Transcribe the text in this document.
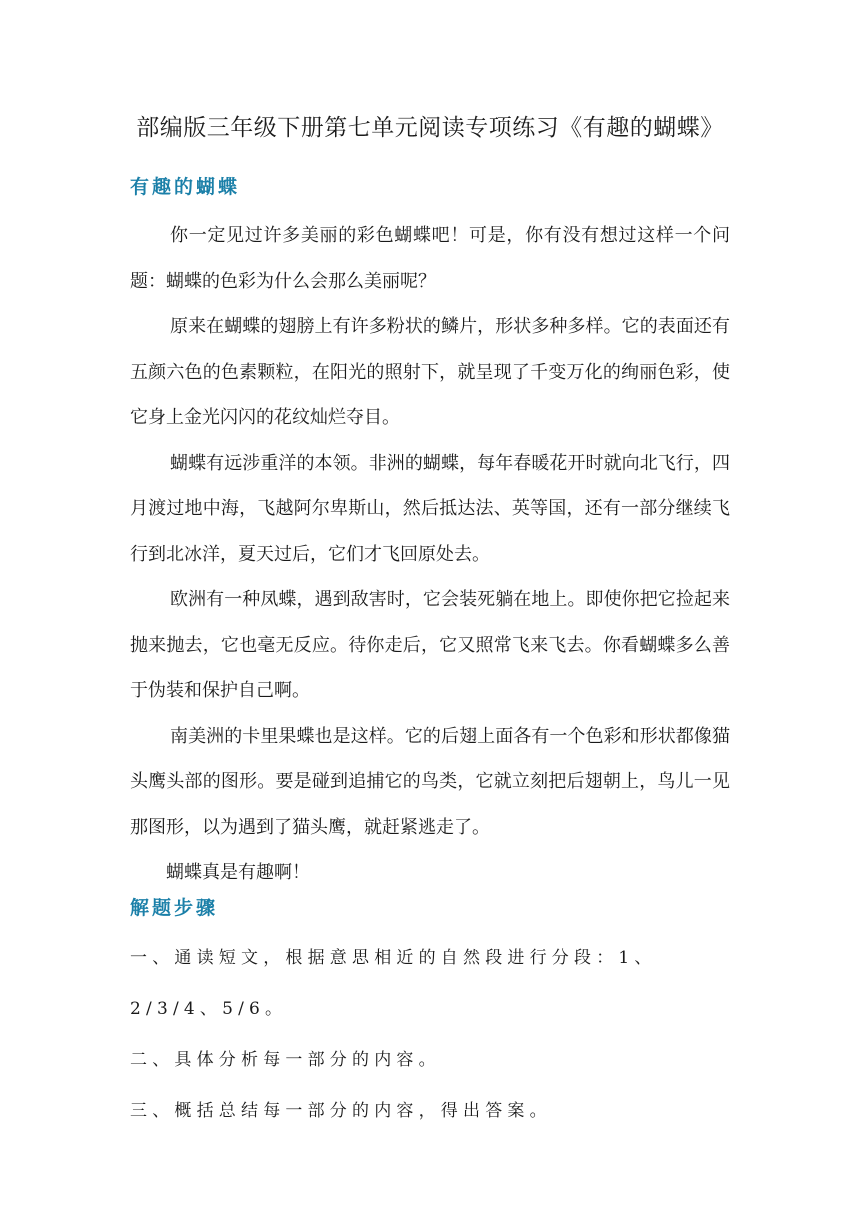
部编版三年级下册第七单元阅读专项练习《有趣的蝴蝶》
有趣的蝴蝶

你一定见过许多美丽的彩色蝴蝶吧！可是，你有没有想过这样一个问题：蝴蝶的色彩为什么会那么美丽呢？

原来在蝴蝶的翅膀上有许多粉状的鳞片，形状多种多样。它的表面还有五颜六色的色素颗粒，在阳光的照射下，就呈现了千变万化的绚丽色彩，使它身上金光闪闪的花纹灿烂夺目。

蝴蝶有远涉重洋的本领。非洲的蝴蝶，每年春暖花开时就向北飞行，四月渡过地中海，飞越阿尔卑斯山，然后抵达法、英等国，还有一部分继续飞行到北冰洋，夏天过后，它们才飞回原处去。

欧洲有一种凤蝶，遇到敌害时，它会装死躺在地上。即使你把它捡起来抛来抛去，它也毫无反应。待你走后，它又照常飞来飞去。你看蝴蝶多么善于伪装和保护自己啊。

南美洲的卡里果蝶也是这样。它的后翅上面各有一个色彩和形状都像猫头鹰头部的图形。要是碰到追捕它的鸟类，它就立刻把后翅朝上，鸟儿一见那图形，以为遇到了猫头鹰，就赶紧逃走了。

蝴蝶真是有趣啊！

解题步骤

一、通读短文，根据意思相近的自然段进行分段：1、2/3/4、5/6。

二、具体分析每一部分的内容。

三、概括总结每一部分的内容，得出答案。
